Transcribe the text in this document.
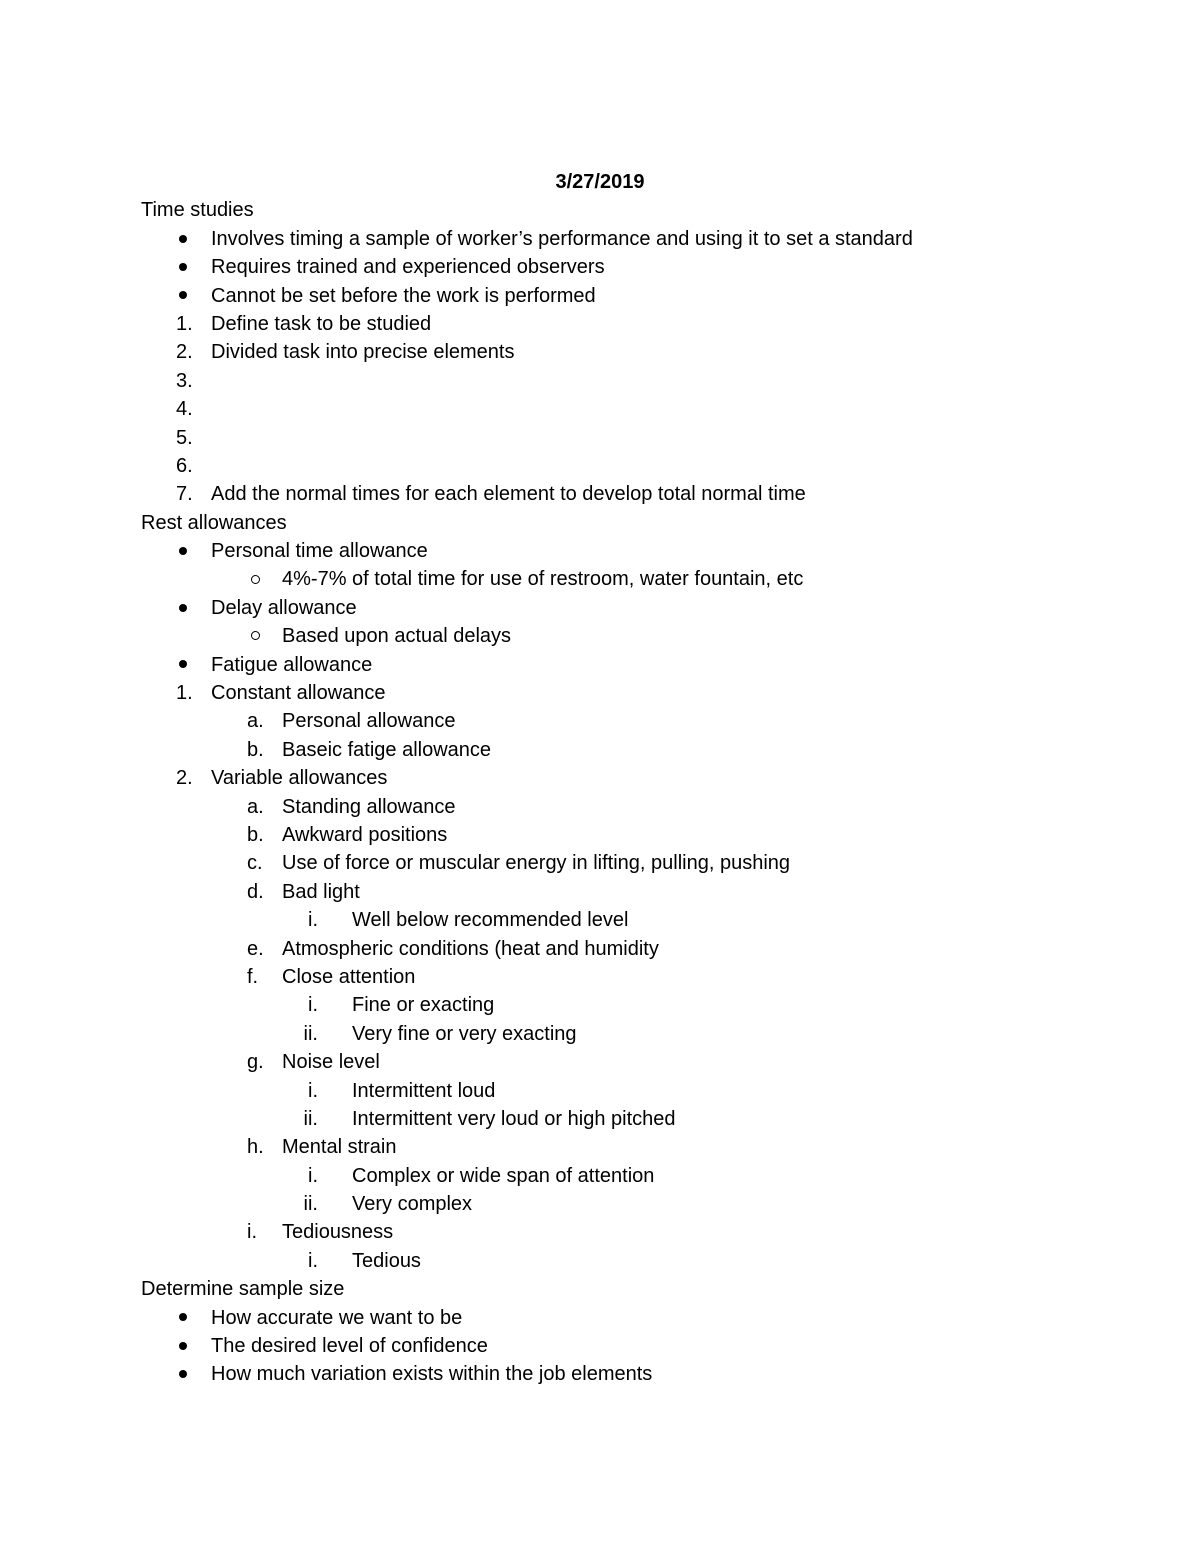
3/27/2019
Time studies
Involves timing a sample of worker’s performance and using it to set a standard
Requires trained and experienced observers
Cannot be set before the work is performed
1. Define task to be studied
2. Divided task into precise elements
3.
4.
5.
6.
7. Add the normal times for each element to develop total normal time
Rest allowances
Personal time allowance
4%-7% of total time for use of restroom, water fountain, etc
Delay allowance
Based upon actual delays
Fatigue allowance
1. Constant allowance
a. Personal allowance
b. Baseic fatige allowance
2. Variable allowances
a. Standing allowance
b. Awkward positions
c. Use of force or muscular energy in lifting, pulling, pushing
d. Bad light
i. Well below recommended level
e. Atmospheric conditions (heat and humidity
f.	Close attention
i. Fine or exacting
ii. Very fine or very exacting
g. Noise level
i. Intermittent loud
ii. Intermittent very loud or high pitched
h. Mental strain
i. Complex or wide span of attention
ii. Very complex
i.	Tediousness
i. Tedious
Determine sample size
How accurate we want to be
The desired level of confidence
How much variation exists within the job elements
